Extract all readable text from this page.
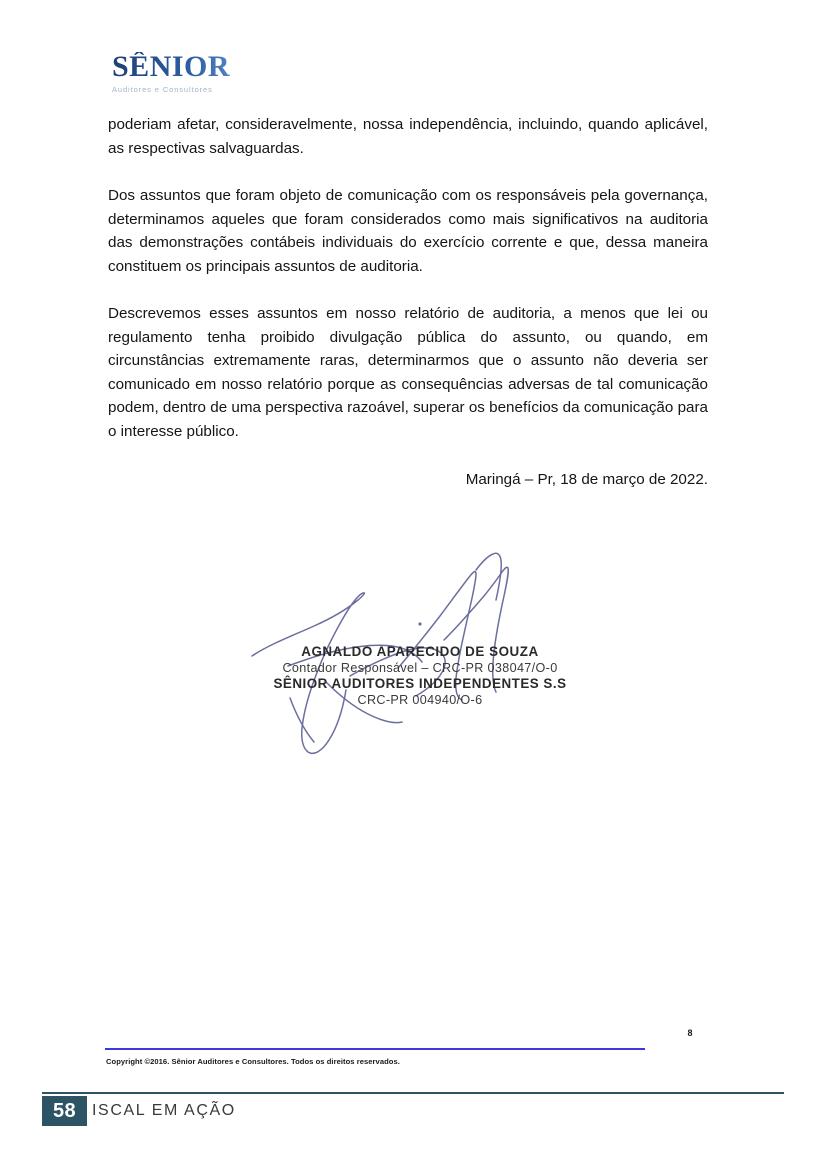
SÊNIOR
Auditores e Consultores

poderiam afetar, consideravelmente, nossa independência, incluindo, quando aplicável, as respectivas salvaguardas.

Dos assuntos que foram objeto de comunicação com os responsáveis pela governança, determinamos aqueles que foram considerados como mais significativos na auditoria das demonstrações contábeis individuais do exercício corrente e que, dessa maneira constituem os principais assuntos de auditoria.

Descrevemos esses assuntos em nosso relatório de auditoria, a menos que lei ou regulamento tenha proibido divulgação pública do assunto, ou quando, em circunstâncias extremamente raras, determinarmos que o assunto não deveria ser comunicado em nosso relatório porque as consequências adversas de tal comunicação podem, dentro de uma perspectiva razoável, superar os benefícios da comunicação para o interesse público.

Maringá – Pr, 18 de março de 2022.
AGNALDO APARECIDO DE SOUZA
Contador Responsável – CRC-PR 038047/O-0
SÊNIOR AUDITORES INDEPENDENTES S.S
CRC-PR 004940/O-6
8
Copyright ©2016. Sênior Auditores e Consultores. Todos os direitos reservados.
58 ISCAL EM AÇÃO
